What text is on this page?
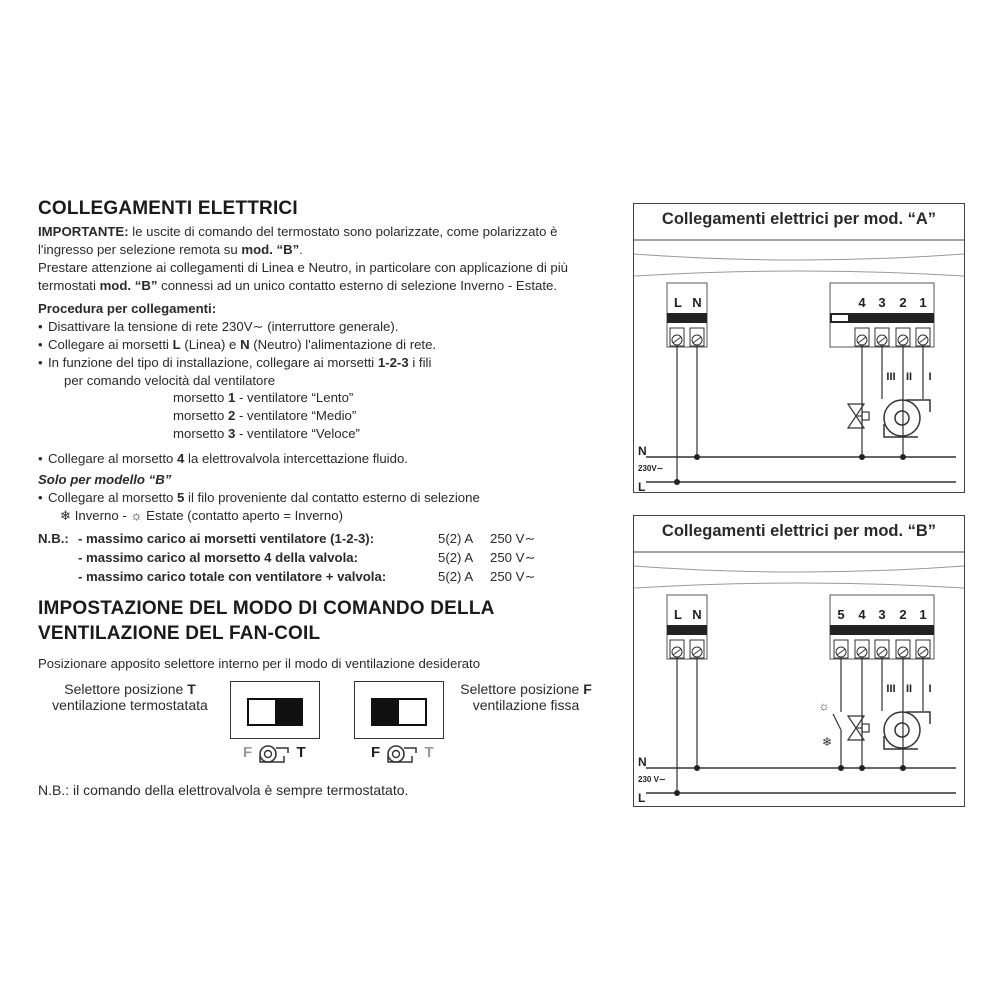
COLLEGAMENTI ELETTRICI
IMPORTANTE: le uscite di comando del termostato sono polarizzate, come polarizzato è
l'ingresso per selezione remota su mod. “B”.
Prestare attenzione ai collegamenti di Linea e Neutro, in particolare con applicazione di più
termostati mod. “B” connessi ad un unico contatto esterno di selezione Inverno - Estate.
Procedura per collegamenti:
• Disattivare la tensione di rete 230V∼ (interruttore generale).
• Collegare ai morsetti L (Linea) e N (Neutro) l'alimentazione di rete.
• In funzione del tipo di installazione, collegare ai morsetti 1-2-3 i fili
per comando velocità dal ventilatore
morsetto 1 - ventilatore “Lento”
morsetto 2 - ventilatore “Medio”
morsetto 3 - ventilatore “Veloce”
• Collegare al morsetto 4 la elettrovalvola intercettazione fluido.
Solo per modello “B”
• Collegare al morsetto 5 il filo proveniente dal contatto esterno di selezione
❄ Inverno - ☼ Estate (contatto aperto = Inverno)
N.B.: - massimo carico ai morsetti ventilatore (1-2-3):	5(2) A 250 V∼
- massimo carico al morsetto 4 della valvola:	5(2) A 250 V∼
- massimo carico totale con ventilatore + valvola:	5(2) A 250 V∼
IMPOSTAZIONE DEL MODO DI COMANDO DELLA
VENTILAZIONE DEL FAN-COIL
Posizionare apposito selettore interno per il modo di ventilazione desiderato
Selettore posizione T
ventilazione termostatata
Selettore posizione F
ventilazione fissa
F	T	F	T
N.B.: il comando della elettrovalvola è sempre termostatato.
Collegamenti elettrici per mod. “A”
L N	4 3 2 1
III II I
N
230V∼
L
Collegamenti elettrici per mod. “B”
L N	5 4 3 2 1
III II I
☼
❄
N
230 V∼
L
